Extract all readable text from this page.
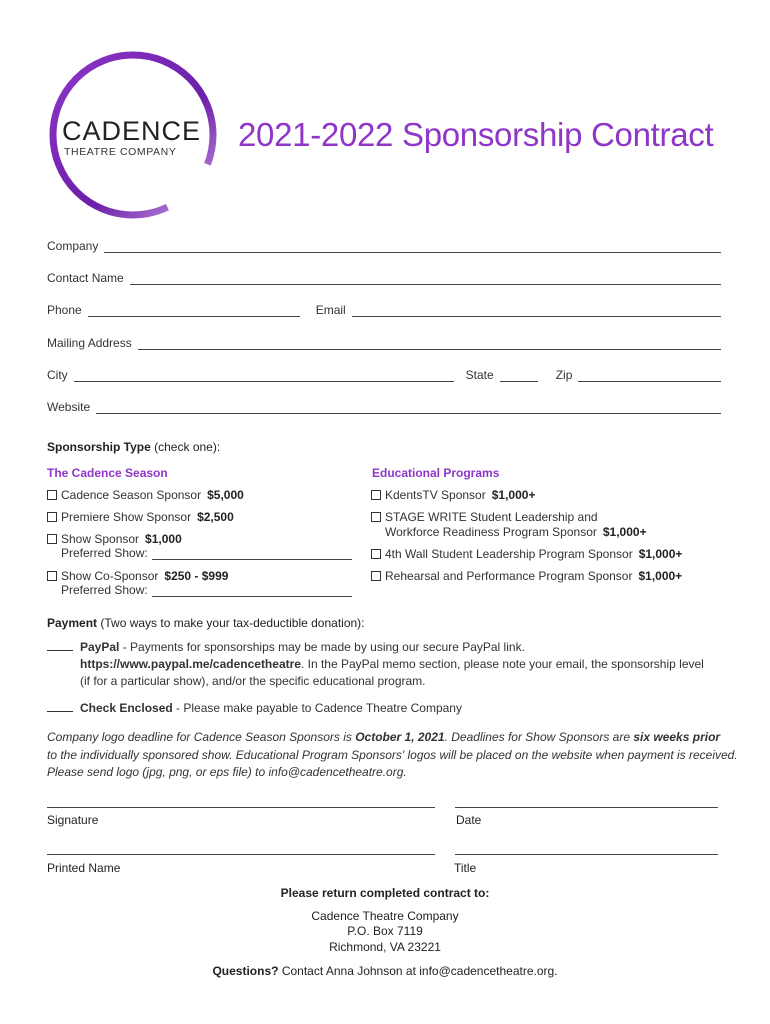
CADENCE
THEATRE COMPANY 2021-2022 Sponsorship Contract
Company
Contact Name
Phone	Email
Mailing Address
City	State	Zip
Website
Sponsorship Type (check one):
The Cadence Season	Educational Programs
Cadence Season Sponsor $5,000
Premiere Show Sponsor $2,500
Show Sponsor $1,000
Preferred Show:
Show Co-Sponsor $250 - $999
Preferred Show:
KdentsTV Sponsor $1,000+
STAGE WRITE Student Leadership and
Workforce Readiness Program Sponsor $1,000+
4th Wall Student Leadership Program Sponsor $1,000+
Rehearsal and Performance Program Sponsor $1,000+
Payment (Two ways to make your tax-deductible donation):
PayPal - Payments for sponsorships may be made by using our secure PayPal link.
https://www.paypal.me/cadencetheatre. In the PayPal memo section, please note your email, the sponsorship level
(if for a particular show), and/or the specific educational program.
Check Enclosed - Please make payable to Cadence Theatre Company
Company logo deadline for Cadence Season Sponsors is October 1, 2021. Deadlines for Show Sponsors are six weeks prior
to the individually sponsored show. Educational Program Sponsors' logos will be placed on the website when payment is received.
Please send logo (jpg, png, or eps file) to info@cadencetheatre.org.
Signature	Date
Printed Name	Title
Please return completed contract to:
Cadence Theatre Company
P.O. Box 7119
Richmond, VA 23221
Questions? Contact Anna Johnson at info@cadencetheatre.org.
